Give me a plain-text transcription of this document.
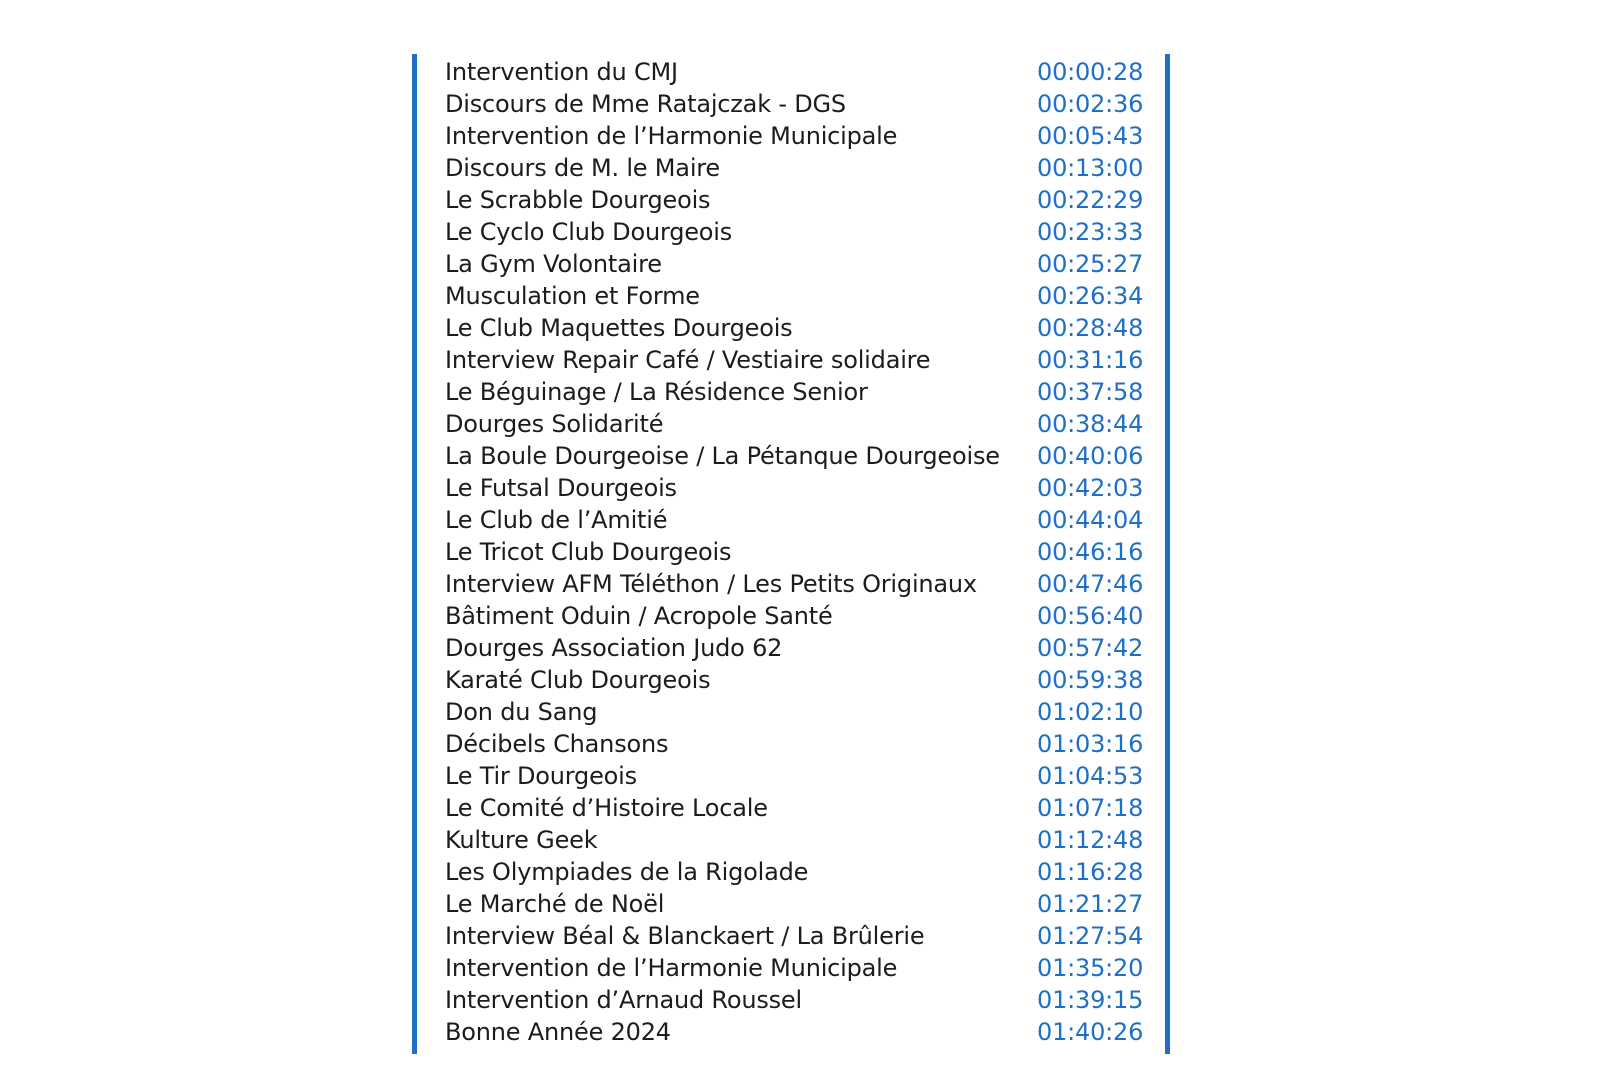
Intervention du CMJ	00:00:28
Discours de Mme Ratajczak - DGS	00:02:36
Intervention de l’Harmonie Municipale	00:05:43
Discours de M. le Maire	00:13:00
Le Scrabble Dourgeois	00:22:29
Le Cyclo Club Dourgeois	00:23:33
La Gym Volontaire	00:25:27
Musculation et Forme	00:26:34
Le Club Maquettes Dourgeois	00:28:48
Interview Repair Café / Vestiaire solidaire	00:31:16
Le Béguinage / La Résidence Senior	00:37:58
Dourges Solidarité	00:38:44
La Boule Dourgeoise / La Pétanque Dourgeoise 00:40:06
Le Futsal Dourgeois	00:42:03
Le Club de l’Amitié	00:44:04
Le Tricot Club Dourgeois	00:46:16
Interview AFM Téléthon / Les Petits Originaux	00:47:46
Bâtiment Oduin / Acropole Santé	00:56:40
Dourges Association Judo 62	00:57:42
Karaté Club Dourgeois	00:59:38
Don du Sang	01:02:10
Décibels Chansons	01:03:16
Le Tir Dourgeois	01:04:53
Le Comité d’Histoire Locale	01:07:18
Kulture Geek	01:12:48
Les Olympiades de la Rigolade	01:16:28
Le Marché de Noël	01:21:27
Interview Béal & Blanckaert / La Brûlerie	01:27:54
Intervention de l’Harmonie Municipale	01:35:20
Intervention d’Arnaud Roussel	01:39:15
Bonne Année 2024	01:40:26
